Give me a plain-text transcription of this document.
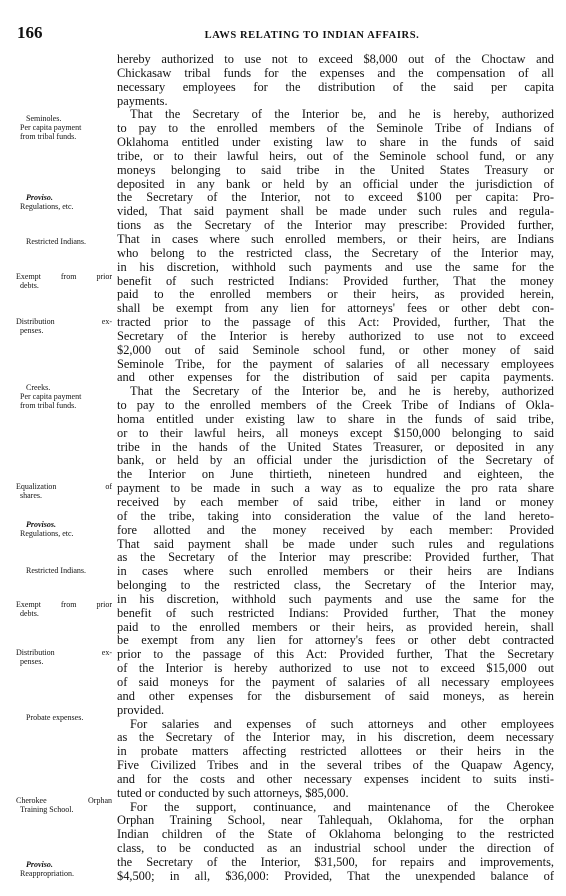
166	LAWS RELATING TO INDIAN AFFAIRS.
hereby authorized to use not to exceed $8,000 out of the Choctaw and
Chickasaw tribal funds for the expenses and the compensation of all
necessary employees for the distribution of the said per capita
payments.
That the Secretary of the Interior be, and he is hereby, authorized
to pay to the enrolled members of the Seminole Tribe of Indians of
Oklahoma entitled under existing law to share in the funds of said
tribe, or to their lawful heirs, out of the Seminole school fund, or any
moneys belonging to said tribe in the United States Treasury or
deposited in any bank or held by an official under the jurisdiction of
the Secretary of the Interior, not to exceed $100 per capita: Pro-
vided, That said payment shall be made under such rules and regula-
tions as the Secretary of the Interior may prescribe: Provided further,
That in cases where such enrolled members, or their heirs, are Indians
who belong to the restricted class, the Secretary of the Interior may,
in his discretion, withhold such payments and use the same for the
benefit of such restricted Indians: Provided further, That the money
paid to the enrolled members or their heirs, as provided herein,
shall be exempt from any lien for attorneys' fees or other debt con-
tracted prior to the passage of this Act: Provided, further, That the
Secretary of the Interior is hereby authorized to use not to exceed
$2,000 out of said Seminole school fund, or other money of said
Seminole Tribe, for the payment of salaries of all necessary employees
and other expenses for the distribution of said per capita payments.
That the Secretary of the Interior be, and he is hereby, authorized
to pay to the enrolled members of the Creek Tribe of Indians of Okla-
homa entitled under existing law to share in the funds of said tribe,
or to their lawful heirs, all moneys except $150,000 belonging to said
tribe in the hands of the United States Treasurer, or deposited in any
bank, or held by an official under the jurisdiction of the Secretary of
the Interior on June thirtieth, nineteen hundred and eighteen, the
payment to be made in such a way as to equalize the pro rata share
received by each member of said tribe, either in land or money
of the tribe, taking into consideration the value of the land hereto-
fore allotted and the money received by each member: Provided
That said payment shall be made under such rules and regulations
as the Secretary of the Interior may prescribe: Provided further, That
in cases where such enrolled members or their heirs are Indians
belonging to the restricted class, the Secretary of the Interior may,
in his discretion, withhold such payments and use the same for the
benefit of such restricted Indians: Provided further, That the money
paid to the enrolled members or their heirs, as provided herein, shall
be exempt from any lien for attorney's fees or other debt contracted
prior to the passage of this Act: Provided further, That the Secretary
of the Interior is hereby authorized to use not to exceed $15,000 out
of said moneys for the payment of salaries of all necessary employees
and other expenses for the disbursement of said moneys, as herein
provided.
For salaries and expenses of such attorneys and other employees
as the Secretary of the Interior may, in his discretion, deem necessary
in probate matters affecting restricted allottees or their heirs in the
Five Civilized Tribes and in the several tribes of the Quapaw Agency,
and for the costs and other necessary expenses incident to suits insti-
tuted or conducted by such attorneys, $85,000.
For the support, continuance, and maintenance of the Cherokee
Orphan Training School, near Tahlequah, Oklahoma, for the orphan
Indian children of the State of Oklahoma belonging to the restricted
class, to be conducted as an industrial school under the direction of
the Secretary of the Interior, $31,500, for repairs and improvements,
$4,500; in all, $36,000: Provided, That the unexpended balance of
Seminoles.
Per capita payment
from tribal funds.
Proviso.
Regulations, etc.
Restricted Indians.
Exempt from prior
debts.
Distribution ex-
penses.
Creeks.
Per capita payment
from tribal funds.
Equalization of
shares.
Provisos.
Regulations, etc.
Restricted Indians.
Exempt from prior
debts.
Distribution ex-
penses.
Probate expenses.
Cherokee Orphan
Training School.
Proviso.
Reappropriation.
